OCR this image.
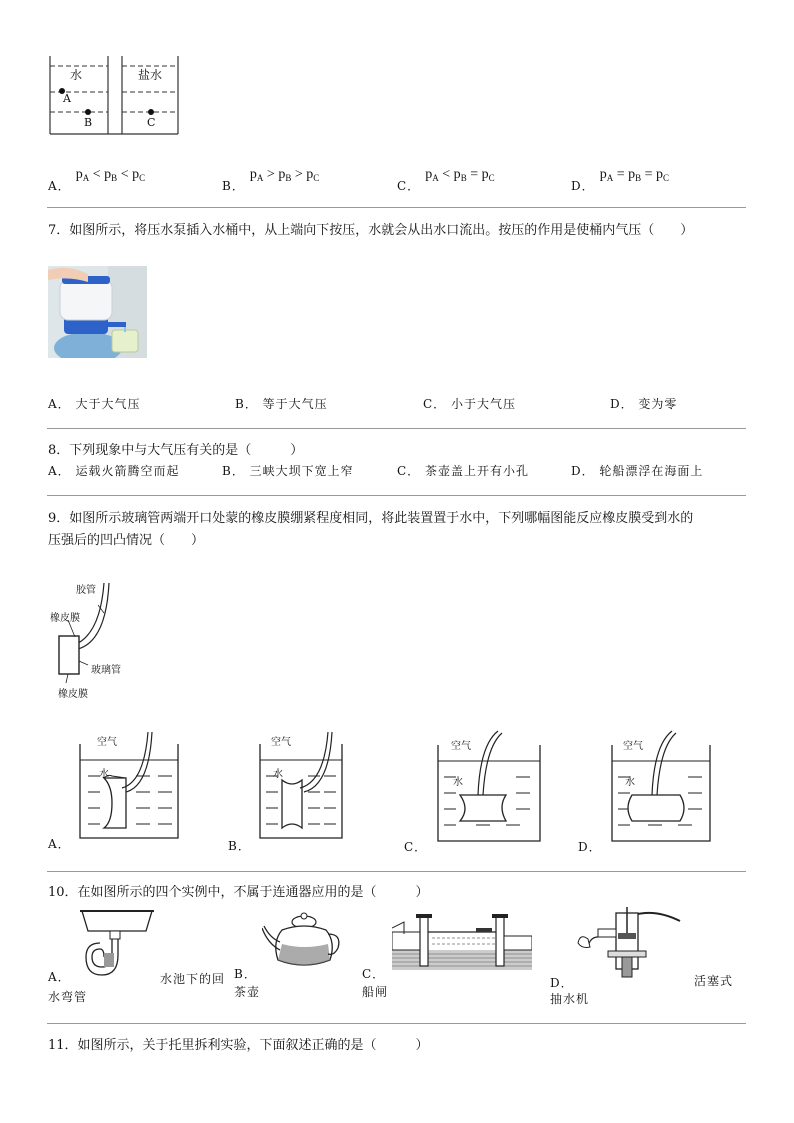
水	盐水
A
B	C
$_{A.}$ $p_A < p_B < p_C$
$_{B.}$ $p_A > p_B > p_C$
$_{C.}$ $p_A < p_B = p_C$
$_{D.}$ $p_A = p_B = p_C$
7．如图所示，将压水泵插入水桶中，从上端向下按压，水就会从出水口流出。按压的作用是使桶内气压（　　）
A． 大于大气压	B． 等于大气压	C． 小于大气压	D． 变为零
8．下列现象中与大气压有关的是（　　　）
A． 运载火箭腾空而起	B． 三峡大坝下宽上窄	C． 茶壶盖上开有小孔	D． 轮船漂浮在海面上
9．如图所示玻璃管两端开口处蒙的橡皮膜绷紧程度相同，将此装置置于水中，下列哪幅图能反应橡皮膜受到水的
压强后的凹凸情况（　　）
胶管
橡皮膜
玻璃管
橡皮膜
空气
水
空气
水
空气
水
空气
水
A．	B．	C．	D．
10．在如图所示的四个实例中，不属于连通器应用的是（　　　）
A．	水池下的回
水弯管
B．
茶壶
C．
船闸
D．	活塞式
抽水机
11．如图所示，关于托里拆利实验，下面叙述正确的是（　　　）
